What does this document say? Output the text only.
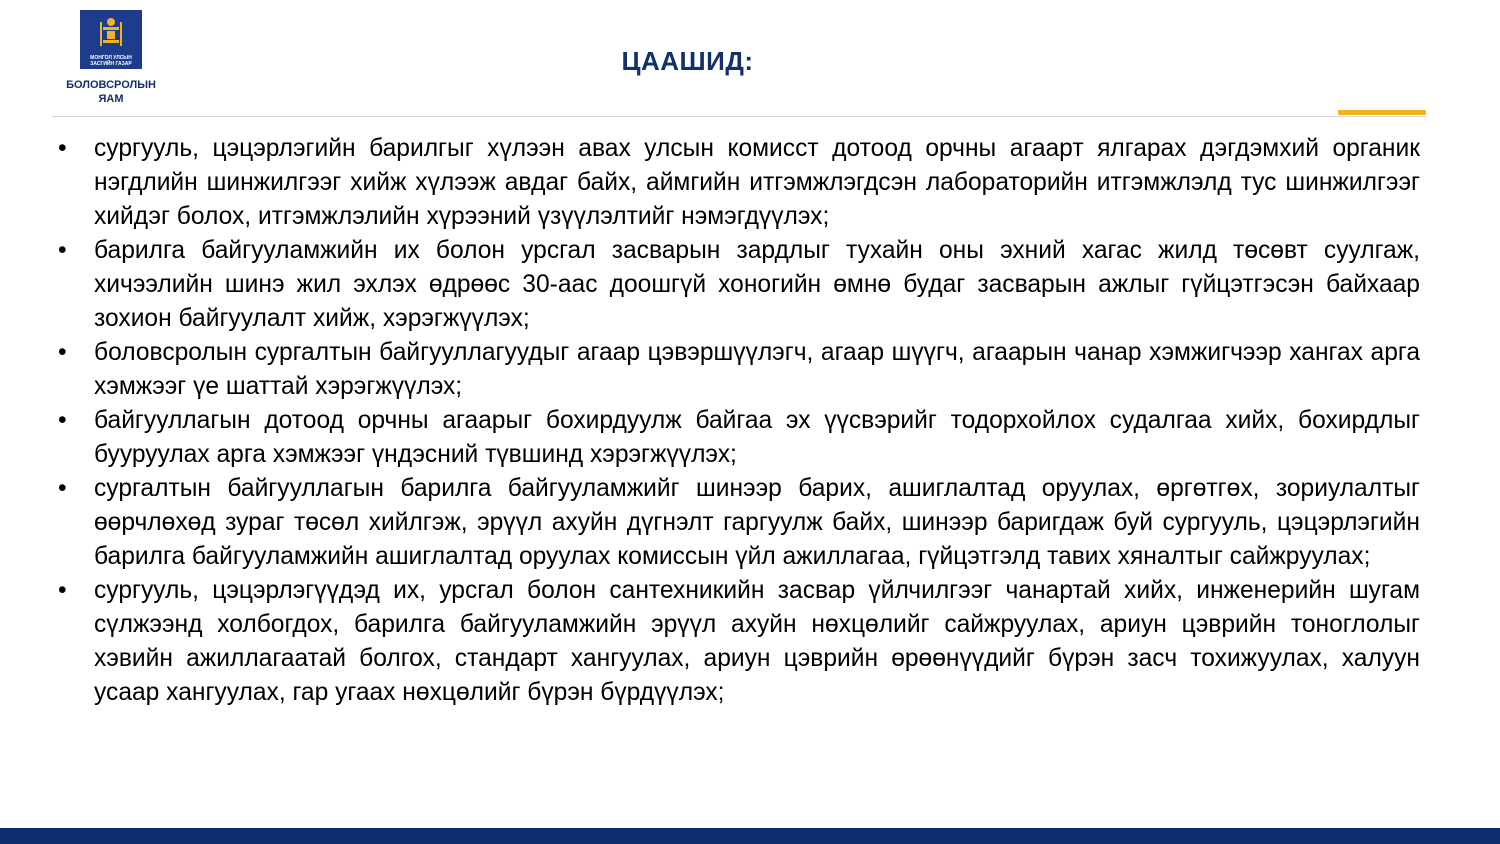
МОНГОЛ УЛСЫН
ЗАСГИЙН ГАЗАР
БОЛОВСРОЛЫН
ЯАМ
ЦААШИД:
• сургууль, цэцэрлэгийн барилгыг хүлээн авах улсын комисст дотоод орчны агаарт ялгарах дэгдэмхий органик нэгдлийн шинжилгээг хийж хүлээж авдаг байх, аймгийн итгэмжлэгдсэн лабораторийн итгэмжлэлд тус шинжилгээг хийдэг болох, итгэмжлэлийн хүрээний үзүүлэлтийг нэмэгдүүлэх;
• барилга байгууламжийн их болон урсгал засварын зардлыг тухайн оны эхний хагас жилд төсөвт суулгаж, хичээлийн шинэ жил эхлэх өдрөөс 30-аас доошгүй хоногийн өмнө будаг засварын ажлыг гүйцэтгэсэн байхаар зохион байгуулалт хийж, хэрэгжүүлэх;
• боловсролын сургалтын байгууллагуудыг агаар цэвэршүүлэгч, агаар шүүгч, агаарын чанар хэмжигчээр хангах арга хэмжээг үе шаттай хэрэгжүүлэх;
• байгууллагын дотоод орчны агаарыг бохирдуулж байгаа эх үүсвэрийг тодорхойлох судалгаа хийх, бохирдлыг бууруулах арга хэмжээг үндэсний түвшинд хэрэгжүүлэх;
• сургалтын байгууллагын барилга байгууламжийг шинээр барих, ашиглалтад оруулах, өргөтгөх, зориулалтыг өөрчлөхөд зураг төсөл хийлгэж, эрүүл ахуйн дүгнэлт гаргуулж байх, шинээр баригдаж буй сургууль, цэцэрлэгийн барилга байгууламжийн ашиглалтад оруулах комиссын үйл ажиллагаа, гүйцэтгэлд тавих хяналтыг сайжруулах;
• сургууль, цэцэрлэгүүдэд их, урсгал болон сантехникийн засвар үйлчилгээг чанартай хийх, инженерийн шугам сүлжээнд холбогдох, барилга байгууламжийн эрүүл ахуйн нөхцөлийг сайжруулах, ариун цэврийн тоноглолыг хэвийн ажиллагаатай болгох, стандарт хангуулах, ариун цэврийн өрөөнүүдийг бүрэн засч тохижуулах, халуун усаар хангуулах, гар угаах нөхцөлийг бүрэн бүрдүүлэх;
МОНГОЛ УЛСЫН ИХ ХУРАЛ
